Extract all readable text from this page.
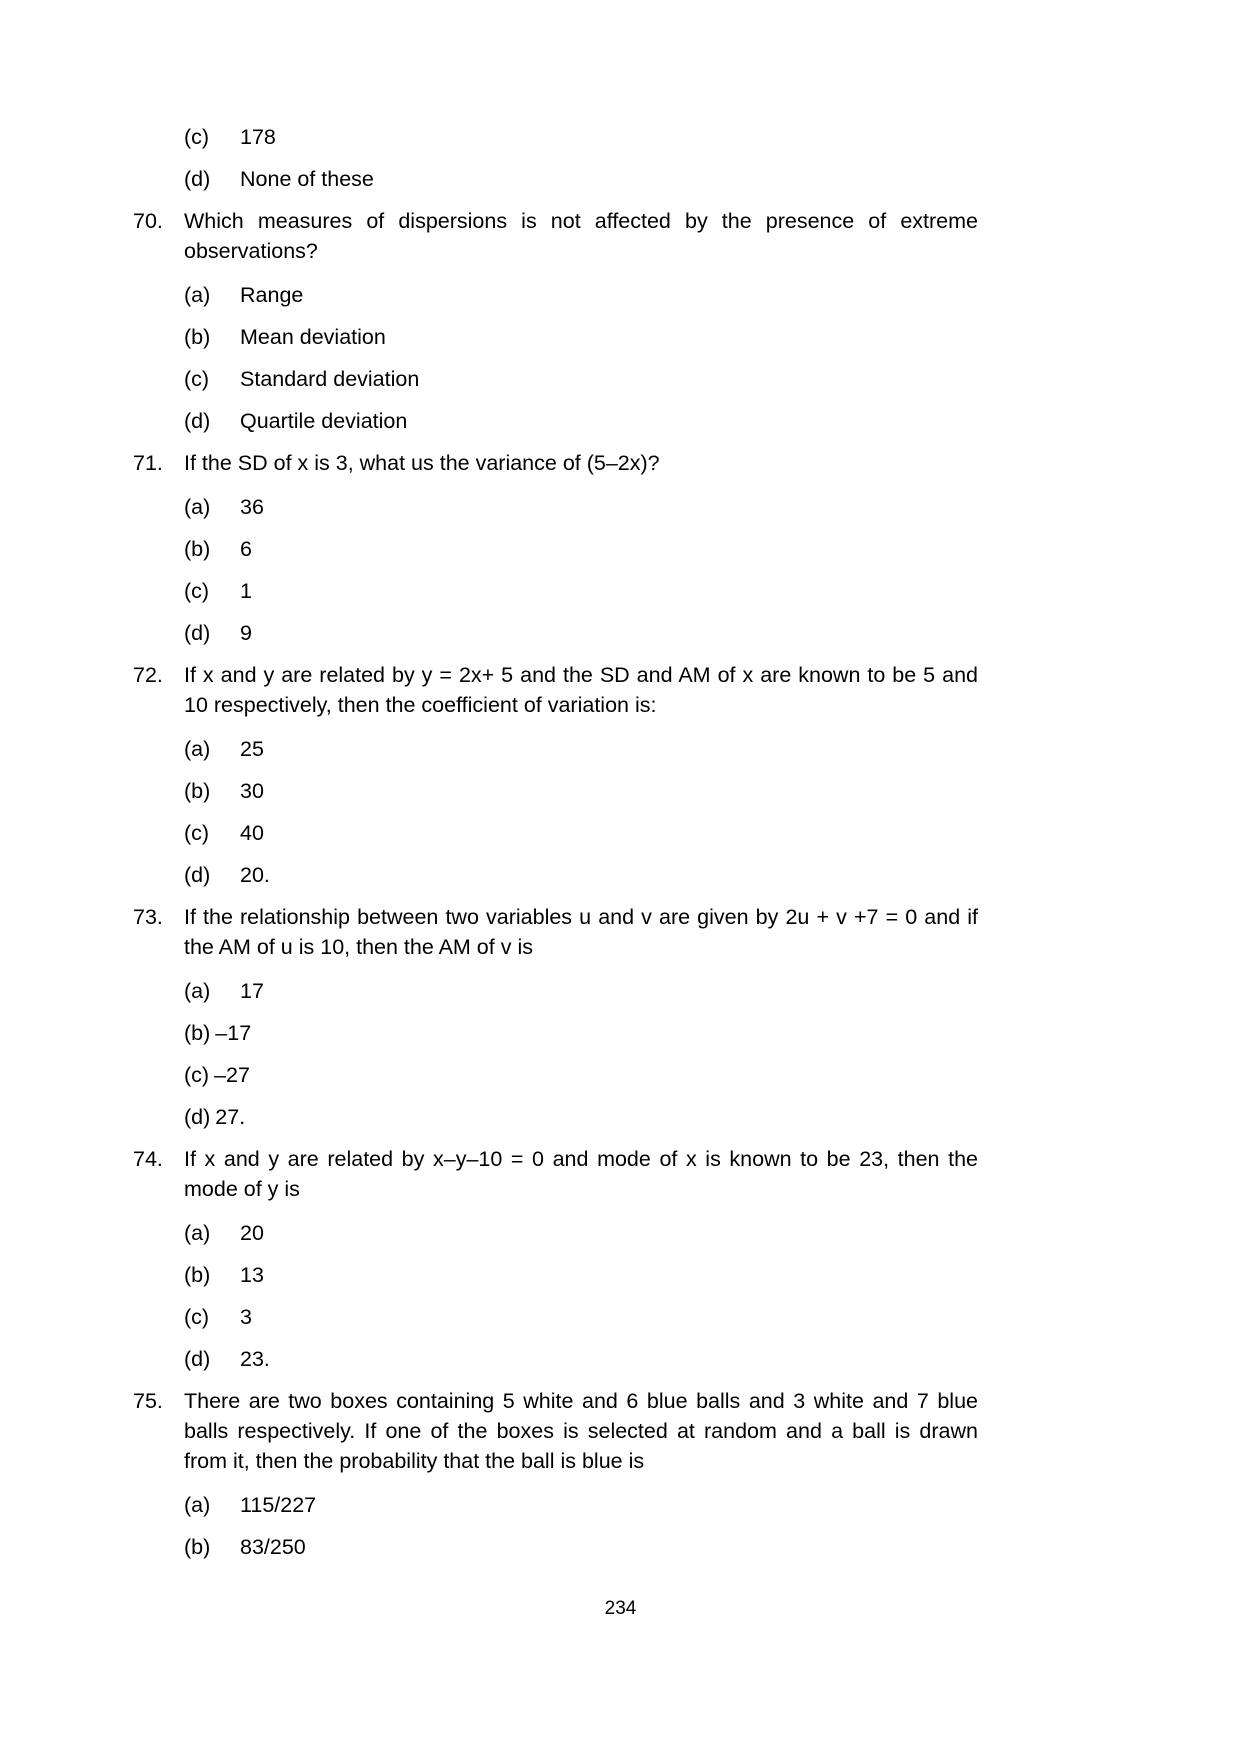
(c)	178
(d)	None of these
70. Which measures of dispersions is not affected by the presence of extreme observations?
(a)	Range
(b)	Mean deviation
(c)	Standard deviation
(d)	Quartile deviation
71. If the SD of x is 3, what us the variance of (5–2x)?
(a)	36
(b)	6
(c)	1
(d)	9
72. If x and y are related by y = 2x+ 5 and the SD and AM of x are known to be 5 and 10 respectively, then the coefficient of variation is:
(a)	25
(b)	30
(c)	40
(d)	20.
73. If the relationship between two variables u and v are given by 2u + v +7 = 0 and if the AM of u is 10, then the AM of v is
(a)	17
(b) –17
(c) –27
(d) 27.
74. If x and y are related by x–y–10 = 0 and mode of x is known to be 23, then the mode of y is
(a)	20
(b)	13
(c)	3
(d)	23.
75. There are two boxes containing 5 white and 6 blue balls and 3 white and 7 blue balls respectively. If one of the boxes is selected at random and a ball is drawn from it, then the probability that the ball is blue is
(a)	115/227
(b)	83/250
234
